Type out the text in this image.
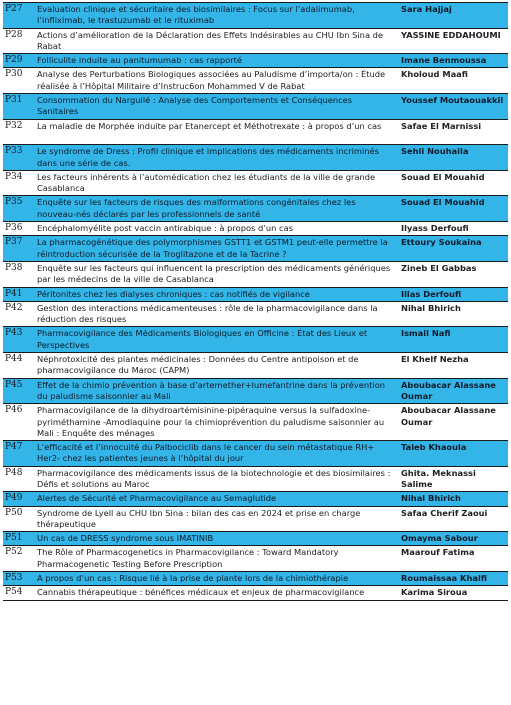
P27	Evaluation clinique et sécuritaire des biosimilaires : Focus sur l’adalimumab, l’infliximab, le trastuzumab et le rituximab	Sara Hajjaj
P28	Actions d’amélioration de la Déclaration des Effets Indésirables au CHU Ibn Sina de Rabat	YASSINE EDDAHOUMI
P29	Folliculite induite au panitumumab : cas rapporté	Imane Benmoussa
P30	Analyse des Perturbations Biologiques associées au Paludisme d’importa/on : Étude réalisée à l’Hôpital Militaire d’Instruc6on Mohammed V de Rabat	Kholoud Maafi
P31	Consommation du Narguilé : Analyse des Comportements et Conséquences Sanitaires	Youssef Moutaouakkil
P32	La maladie de Morphée induite par Etanercept et Méthotrexate : à propos d’un cas	Safae El Marnissi
P33	Le syndrome de Dress : Profil clinique et implications des médicaments incriminés dans une série de cas.	Sehli Nouhaila
P34	Les facteurs inhérents à l’automédication chez les étudiants de la ville de grande Casablanca	Souad El Mouahid
P35	Enquête sur les facteurs de risques des malformations congénitales chez les nouveau-nés déclarés par les professionnels de santé	Souad El Mouahid
P36	Encéphalomyélite post vaccin antirabique : à propos d’un cas	Ilyass Derfoufi
P37	La pharmacogénétique des polymorphismes GSTT1 et GSTM1 peut-elle permettre la réintroduction sécurisée de la Troglitazone et de la Tacrine ?	Ettoury Soukaina
P38	Enquête sur les facteurs qui influencent la prescription des médicaments génériques par les médecins de la ville de Casablanca	Zineb El Gabbas
P41	Péritonites chez les dialyses chroniques : cas notifiés de vigilance	Ilias Derfoufi
P42	Gestion des interactions médicamenteuses : rôle de la pharmacovigilance dans la réduction des risques	Nihal Bhirich
P43	Pharmacovigilance des Médicaments Biologiques en Officine : État des Lieux et Perspectives	Ismail Nafi
P44	Néphrotoxicité des plantes médicinales : Données du Centre antipoison et de pharmacovigilance du Maroc (CAPM)	El Khelf Nezha
P45	Effet de la chimio prévention à base d’artemether+lumefantrine dans la prévention du paludisme saisonnier au Mali	Aboubacar Alassane Oumar
P46	Pharmacovigilance de la dihydroartémisinine-pipéraquine versus la sulfadoxine-pyriméthamine -Amodiaquine pour la chimioprévention du paludisme saisonnier au Mali : Enquête des ménages	Aboubacar Alassane Oumar
P47	L’efficacité et l’innocuité du Palbociclib dans le cancer du sein métastatique RH+ Her2- chez les patientes jeunes à l’hôpital du jour	Taleb Khaoula
P48	Pharmacovigilance des médicaments issus de la biotechnologie et des biosimilaires : Défis et solutions au Maroc	Ghita. Meknassi Salime
P49	Alertes de Sécurité et Pharmacovigilance au Semaglutide	Nihal Bhirich
P50	Syndrome de Lyell au CHU Ibn Sina : bilan des cas en 2024 et prise en charge thérapeutique	Safaa Cherif Zaoui
P51	Un cas de DRESS syndrome sous IMATINIB	Omayma Sabour
P52	The Rôle of Pharmacogenetics in Pharmacovigilance : Toward Mandatory Pharmacogenetic Testing Before Prescription	Maarouf Fatima
P53	A propos d’un cas : Risque lié à la prise de plante lors de la chimiothérapie	Roumaissaa Khalfi
P54	Cannabis thérapeutique : bénéfices médicaux et enjeux de pharmacovigilance	Karima Siroua
